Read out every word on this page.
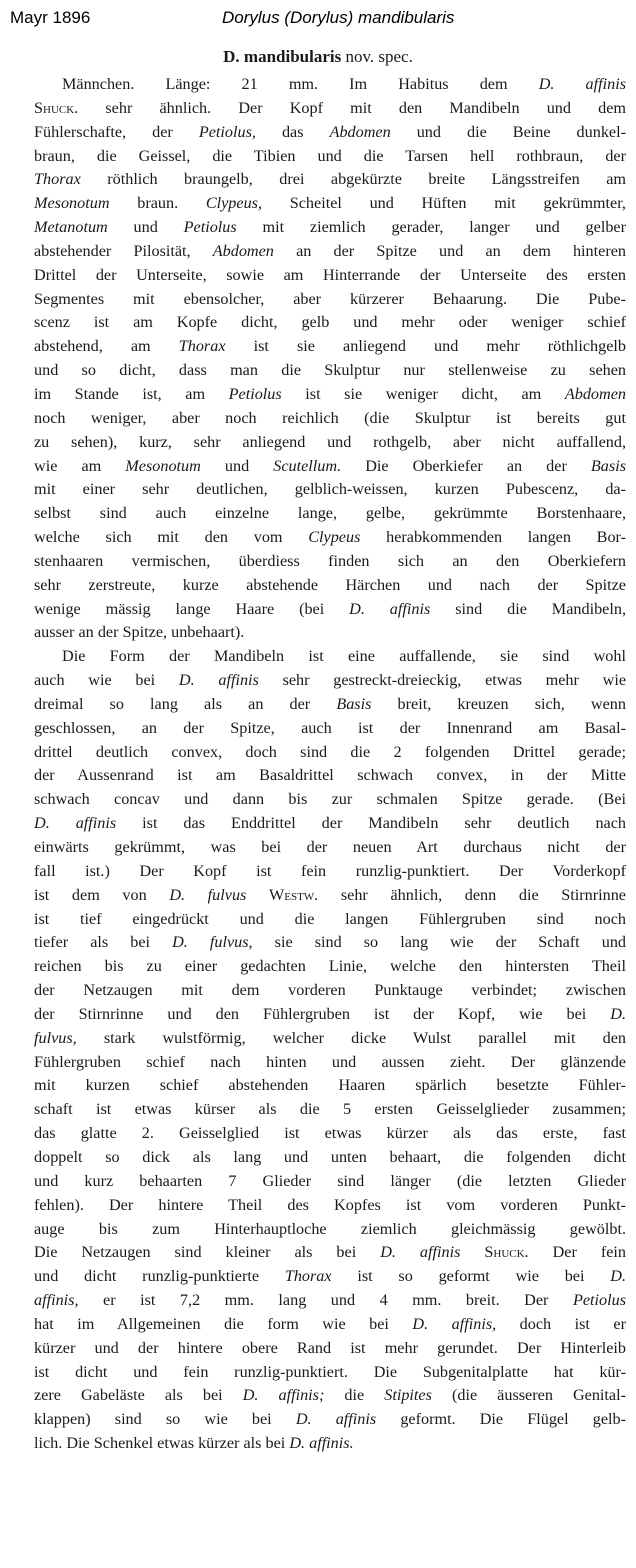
Mayr 1896	Dorylus (Dorylus) mandibularis
D. mandibularis nov. spec.
Männchen. Länge: 21 mm. Im Habitus dem D. affinis
Shuck. sehr ähnlich. Der Kopf mit den Mandibeln und dem
Fühlerschafte, der Petiolus, das Abdomen und die Beine dunkel-
braun, die Geissel, die Tibien und die Tarsen hell rothbraun, der
Thorax röthlich braungelb, drei abgekürzte breite Längsstreifen am
Mesonotum braun. Clypeus, Scheitel und Hüften mit gekrümmter,
Metanotum und Petiolus mit ziemlich gerader, langer und gelber
abstehender Pilosität, Abdomen an der Spitze und an dem hinteren
Drittel der Unterseite, sowie am Hinterrande der Unterseite des ersten
Segmentes mit ebensolcher, aber kürzerer Behaarung. Die Pube-
scenz ist am Kopfe dicht, gelb und mehr oder weniger schief
abstehend, am Thorax ist sie anliegend und mehr röthlichgelb
und so dicht, dass man die Skulptur nur stellenweise zu sehen
im Stande ist, am Petiolus ist sie weniger dicht, am Abdomen
noch weniger, aber noch reichlich (die Skulptur ist bereits gut
zu sehen), kurz, sehr anliegend und rothgelb, aber nicht auffallend,
wie am Mesonotum und Scutellum. Die Oberkiefer an der Basis
mit einer sehr deutlichen, gelblich-weissen, kurzen Pubescenz, da-
selbst sind auch einzelne lange, gelbe, gekrümmte Borstenhaare,
welche sich mit den vom Clypeus herabkommenden langen Bor-
stenhaaren vermischen, überdiess finden sich an den Oberkiefern
sehr zerstreute, kurze abstehende Härchen und nach der Spitze
wenige mässig lange Haare (bei D. affinis sind die Mandibeln,
ausser an der Spitze, unbehaart).
Die Form der Mandibeln ist eine auffallende, sie sind wohl
auch wie bei D. affinis sehr gestreckt-dreieckig, etwas mehr wie
dreimal so lang als an der Basis breit, kreuzen sich, wenn
geschlossen, an der Spitze, auch ist der Innenrand am Basal-
drittel deutlich convex, doch sind die 2 folgenden Drittel gerade;
der Aussenrand ist am Basaldrittel schwach convex, in der Mitte
schwach concav und dann bis zur schmalen Spitze gerade. (Bei
D. affinis ist das Enddrittel der Mandibeln sehr deutlich nach
einwärts gekrümmt, was bei der neuen Art durchaus nicht der
fall ist.) Der Kopf ist fein runzlig-punktiert. Der Vorderkopf
ist dem von D. fulvus Westw. sehr ähnlich, denn die Stirnrinne
ist tief eingedrückt und die langen Fühlergruben sind noch
tiefer als bei D. fulvus, sie sind so lang wie der Schaft und
reichen bis zu einer gedachten Linie, welche den hintersten Theil
der Netzaugen mit dem vorderen Punktauge verbindet; zwischen
der Stirnrinne und den Fühlergruben ist der Kopf, wie bei D.
fulvus, stark wulstförmig, welcher dicke Wulst parallel mit den
Fühlergruben schief nach hinten und aussen zieht. Der glänzende
mit kurzen schief abstehenden Haaren spärlich besetzte Fühler-
schaft ist etwas kürser als die 5 ersten Geisselglieder zusammen;
das glatte 2. Geisselglied ist etwas kürzer als das erste, fast
doppelt so dick als lang und unten behaart, die folgenden dicht
und kurz behaarten 7 Glieder sind länger (die letzten Glieder
fehlen). Der hintere Theil des Kopfes ist vom vorderen Punkt-
auge bis zum Hinterhauptloche ziemlich gleichmässig gewölbt.
Die Netzaugen sind kleiner als bei D. affinis Shuck. Der fein
und dicht runzlig-punktierte Thorax ist so geformt wie bei D.
affinis, er ist 7,2 mm. lang und 4 mm. breit. Der Petiolus
hat im Allgemeinen die form wie bei D. affinis, doch ist er
kürzer und der hintere obere Rand ist mehr gerundet. Der Hinterleib
ist dicht und fein runzlig-punktiert. Die Subgenitalplatte hat kür-
zere Gabeläste als bei D. affinis; die Stipites (die äusseren Genital-
klappen) sind so wie bei D. affinis geformt. Die Flügel gelb-
lich. Die Schenkel etwas kürzer als bei D. affinis.
